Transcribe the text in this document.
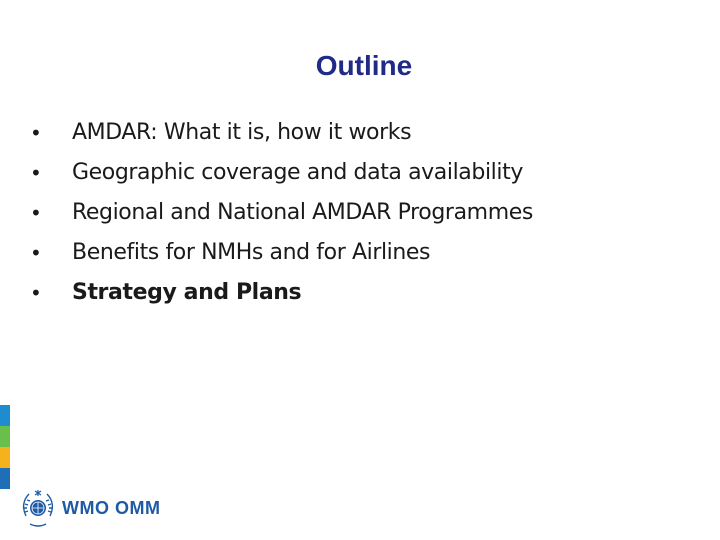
Outline
• AMDAR: What it is, how it works
• Geographic coverage and data availability
• Regional and National AMDAR Programmes
• Benefits for NMHs and for Airlines
• Strategy and Plans
WMO OMM
